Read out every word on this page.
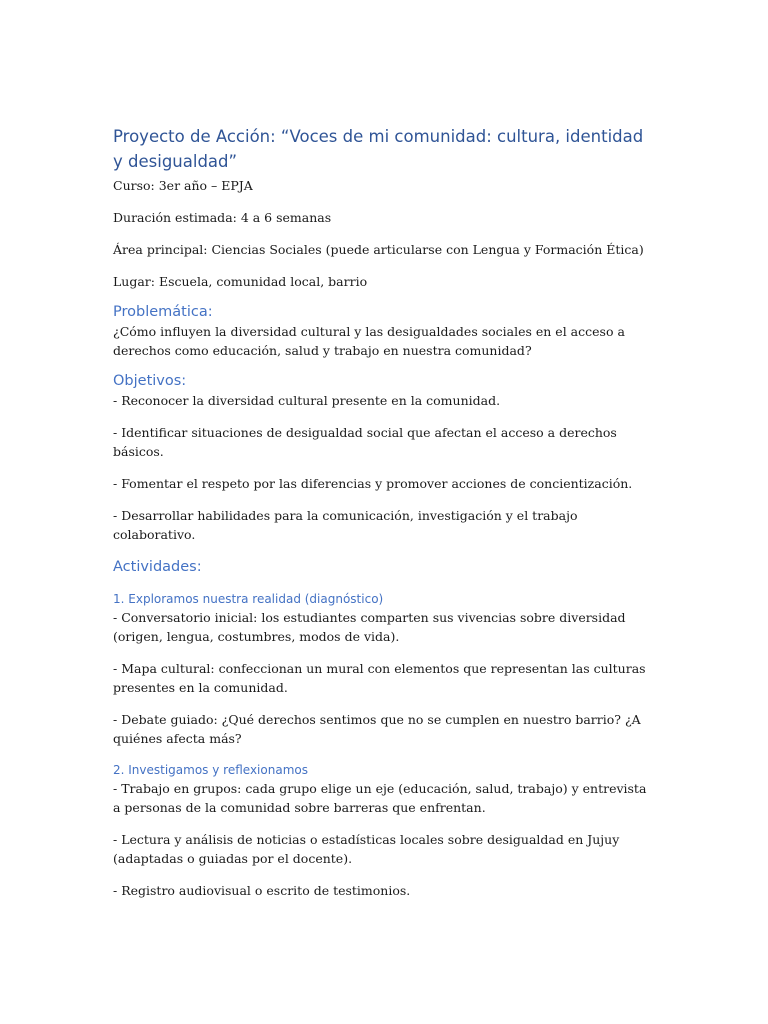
Proyecto de Acción: “Voces de mi comunidad: cultura, identidad y desigualdad”

Curso: 3er año – EPJA

Duración estimada: 4 a 6 semanas

Área principal: Ciencias Sociales (puede articularse con Lengua y Formación Ética)

Lugar: Escuela, comunidad local, barrio

Problemática:

¿Cómo influyen la diversidad cultural y las desigualdades sociales en el acceso a derechos como educación, salud y trabajo en nuestra comunidad?

Objetivos:

- Reconocer la diversidad cultural presente en la comunidad.

- Identificar situaciones de desigualdad social que afectan el acceso a derechos básicos.

- Fomentar el respeto por las diferencias y promover acciones de concientización.

- Desarrollar habilidades para la comunicación, investigación y el trabajo colaborativo.

Actividades:
1. Exploramos nuestra realidad (diagnóstico)

- Conversatorio inicial: los estudiantes comparten sus vivencias sobre diversidad (origen, lengua, costumbres, modos de vida).

- Mapa cultural: confeccionan un mural con elementos que representan las culturas presentes en la comunidad.

- Debate guiado: ¿Qué derechos sentimos que no se cumplen en nuestro barrio? ¿A quiénes afecta más?

2. Investigamos y reflexionamos

- Trabajo en grupos: cada grupo elige un eje (educación, salud, trabajo) y entrevista a personas de la comunidad sobre barreras que enfrentan.

- Lectura y análisis de noticias o estadísticas locales sobre desigualdad en Jujuy (adaptadas o guiadas por el docente).

- Registro audiovisual o escrito de testimonios.
